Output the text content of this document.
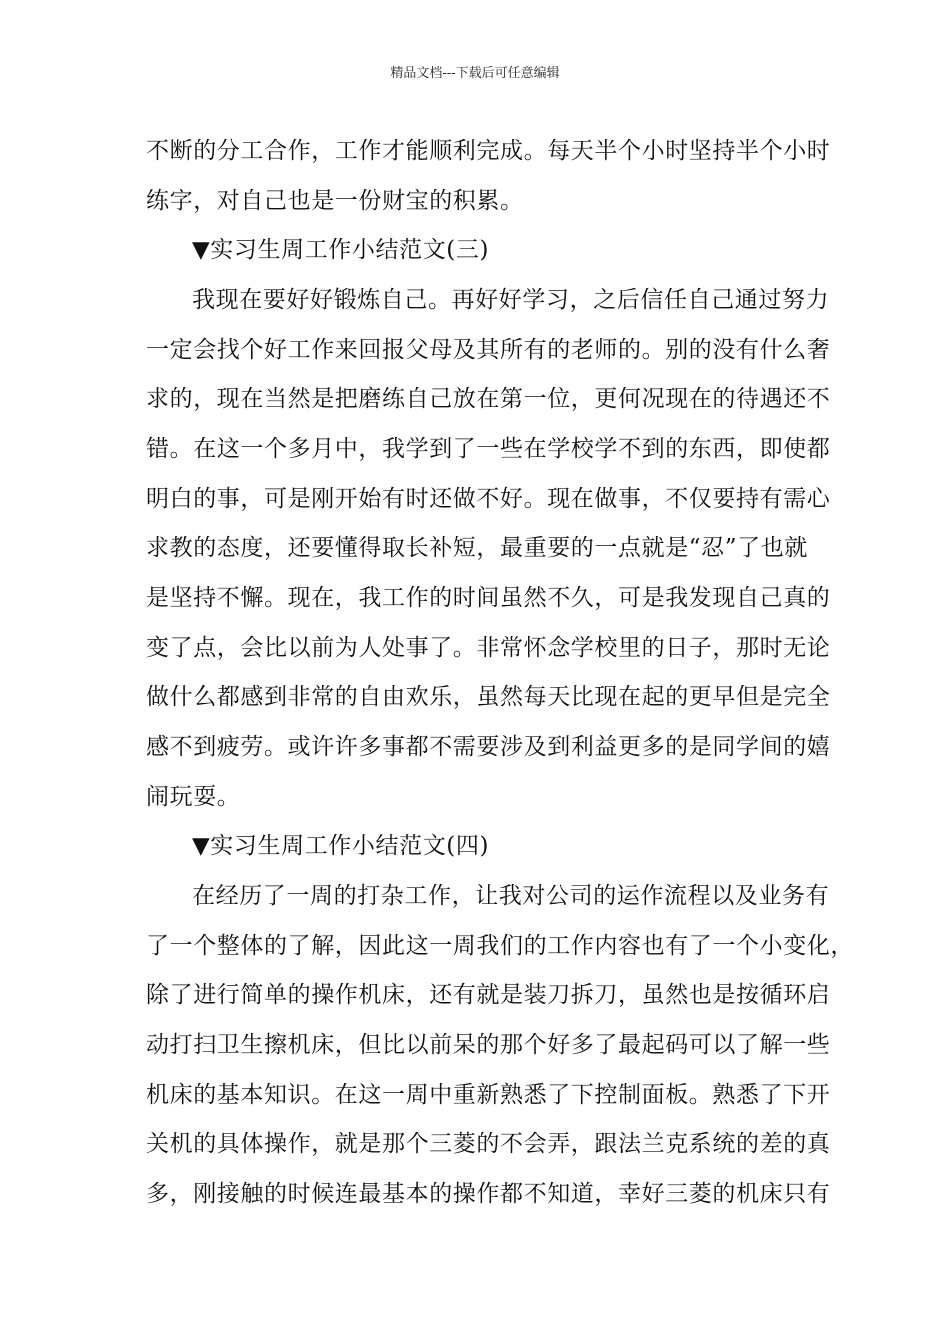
精品文档---下载后可任意编辑
不断的分工合作，工作才能顺利完成。每天半个小时坚持半个小时
练字，对自己也是一份财宝的积累。
▼实习生周工作小结范文(三)
我现在要好好锻炼自己。再好好学习，之后信任自己通过努力
一定会找个好工作来回报父母及其所有的老师的。别的没有什么奢
求的，现在当然是把磨练自己放在第一位，更何况现在的待遇还不
错。在这一个多月中，我学到了一些在学校学不到的东西，即使都
明白的事，可是刚开始有时还做不好。现在做事，不仅要持有需心
求教的态度，还要懂得取长补短，最重要的一点就是“忍”了也就
是坚持不懈。现在，我工作的时间虽然不久，可是我发现自己真的
变了点，会比以前为人处事了。非常怀念学校里的日子，那时无论
做什么都感到非常的自由欢乐，虽然每天比现在起的更早但是完全
感不到疲劳。或许许多事都不需要涉及到利益更多的是同学间的嬉
闹玩耍。
▼实习生周工作小结范文(四)
在经历了一周的打杂工作，让我对公司的运作流程以及业务有
了一个整体的了解，因此这一周我们的工作内容也有了一个小变化，
除了进行简单的操作机床，还有就是装刀拆刀，虽然也是按循环启
动打扫卫生擦机床，但比以前呆的那个好多了最起码可以了解一些
机床的基本知识。在这一周中重新熟悉了下控制面板。熟悉了下开
关机的具体操作，就是那个三菱的不会弄，跟法兰克系统的差的真
多，刚接触的时候连最基本的操作都不知道，幸好三菱的机床只有
